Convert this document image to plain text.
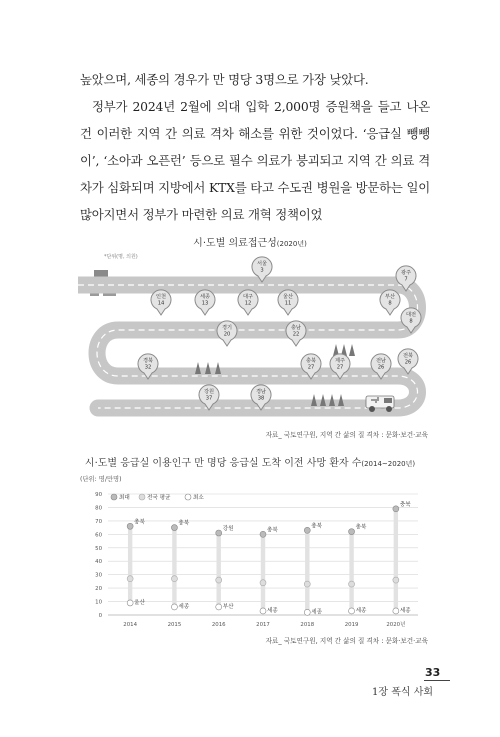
높았으며, 세종의 경우가 만 명당 3명으로 가장 낮았다.

정부가 2024년 2월에 의대 입학 2,000명 증원책을 들고 나온 건 이러한 지역 간 의료 격차 해소를 위한 것이었다. ‘응급실 뺑뺑이’, ‘소아과 오픈런’ 등으로 필수 의료가 붕괴되고 지역 간 의료 격차가 심화되며 지방에서 KTX를 타고 수도권 병원을 방문하는 일이 많아지면서 정부가 마련한 의료 개혁 정책이었

시·도별 의료접근성(2020년)
*단위(명, 의원)
서울
3	광주
7
인천
14
세종
13
대구
12
울산
11
부산
8
대전
8
경기
20
충남
22
경북
32
충북
27
제주
27
전남
26
전북
26
강원
37
경남
38
자료_ 국토연구원, 지역 간 삶의 질 격차 : 문화·보건·교육
시·도별 응급실 이용인구 만 명당 응급실 도착 이전 사망 환자 수(2014~2020년)
(단위: 명/만명)
0
10
20
30
40
50
60
70
80
90
충북
울산
2014
충북
세종
2015
강원
부산
2016
충북
세종
2017
충북
세종
2018
충북
세종
2019
충북
세종
2020년
최대	전국 평균	최소
자료_ 국토연구원, 지역 간 삶의 질 격차 : 문화·보건·교육
33
1장 폭식 사회
